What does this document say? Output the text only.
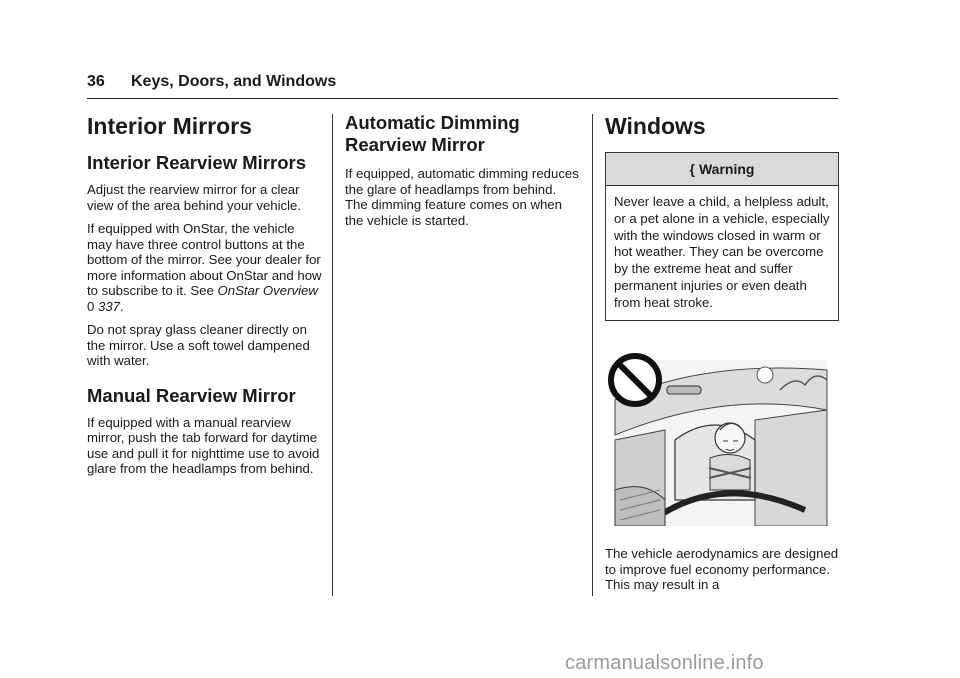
36 Keys, Doors, and Windows
Interior Mirrors
Interior Rearview Mirrors

Adjust the rearview mirror for a clear view of the area behind your vehicle.

If equipped with OnStar, the vehicle may have three control buttons at the bottom of the mirror. See your dealer for more information about OnStar and how to subscribe to it. See OnStar Overview 0 337.

Do not spray glass cleaner directly on the mirror. Use a soft towel dampened with water.

Manual Rearview Mirror

If equipped with a manual rearview mirror, push the tab forward for daytime use and pull it for nighttime use to avoid glare from the headlamps from behind.

Automatic Dimming Rearview Mirror

If equipped, automatic dimming reduces the glare of headlamps from behind. The dimming feature comes on when the vehicle is started.

Windows
{ Warning
Never leave a child, a helpless adult, or a pet alone in a vehicle, especially with the windows closed in warm or hot weather. They can be overcome by the extreme heat and suffer permanent injuries or even death from heat stroke.

The vehicle aerodynamics are designed to improve fuel economy performance. This may result in a

carmanualsonline.info
